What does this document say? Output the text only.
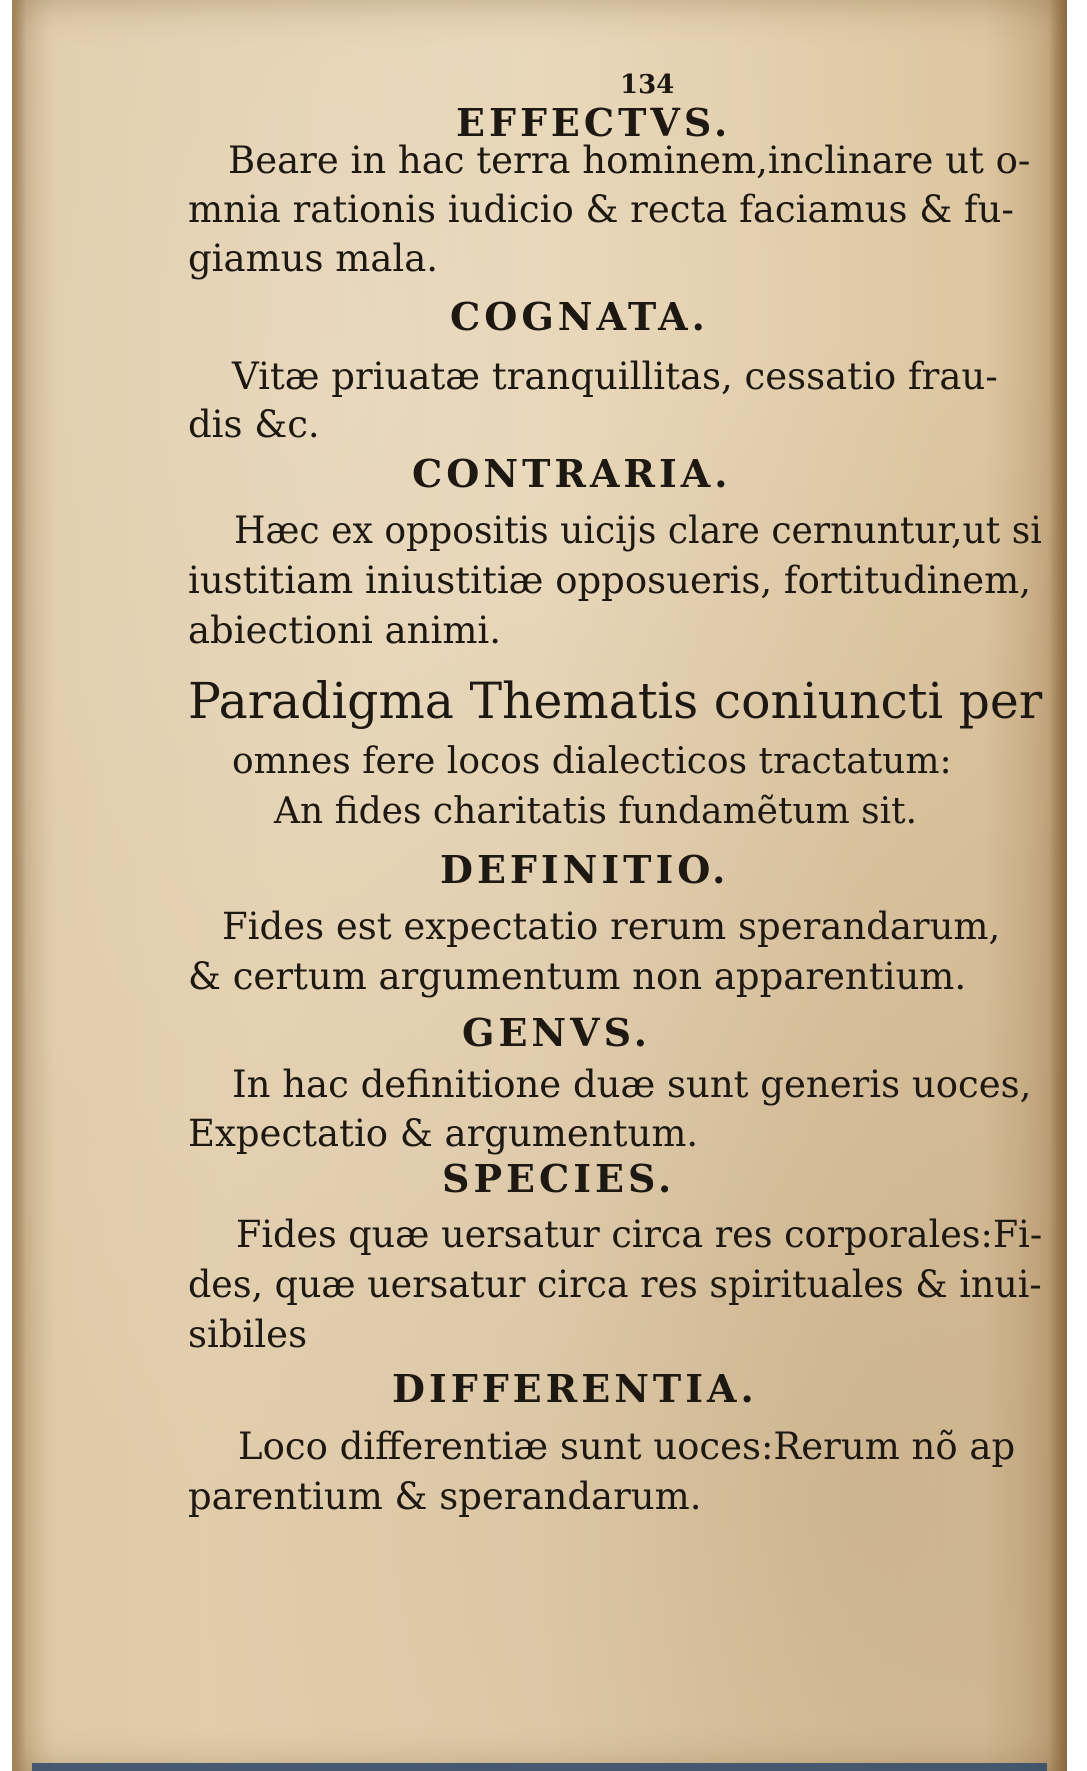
134
EFFECTVS.
Beare in hac terra hominem,inclinare ut o-
mnia rationis iudicio & recta faciamus & fu-
giamus mala.
COGNATA.
Vitæ priuatæ tranquillitas, cessatio frau-
dis &c.
CONTRARIA.
Hæc ex oppositis uicijs clare cernuntur,ut si
iustitiam iniustitiæ opposueris, fortitudinem,
abiectioni animi.
Paradigma Thematis coniuncti per
omnes fere locos dialecticos tractatum:
An fides charitatis fundamẽtum sit.
DEFINITIO.
Fides est expectatio rerum sperandarum,
& certum argumentum non apparentium.
GENVS.
In hac definitione duæ sunt generis uoces,
Expectatio & argumentum.
SPECIES.
Fides quæ uersatur circa res corporales:Fi-
des, quæ uersatur circa res spirituales & inui-
sibiles
DIFFERENTIA.
Loco differentiæ sunt uoces:Rerum nõ ap
parentium & sperandarum.
